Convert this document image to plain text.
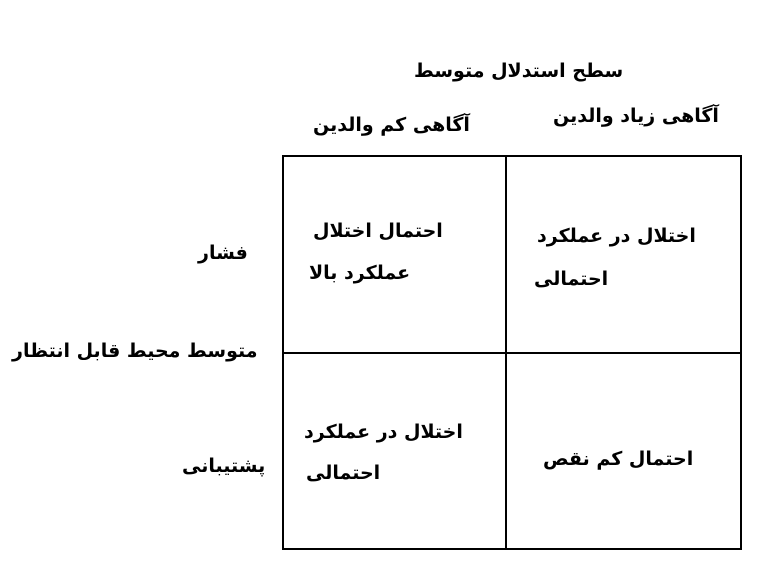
سطح استدلال متوسط
آگاهی زیاد والدین
آگاهی کم والدین
فشار
متوسط محیط قابل انتظار
پشتیبانی
احتمال اختلال
عملکرد بالا
اختلال در عملکرد
احتمالی
اختلال در عملکرد
احتمالی
احتمال کم نقص
